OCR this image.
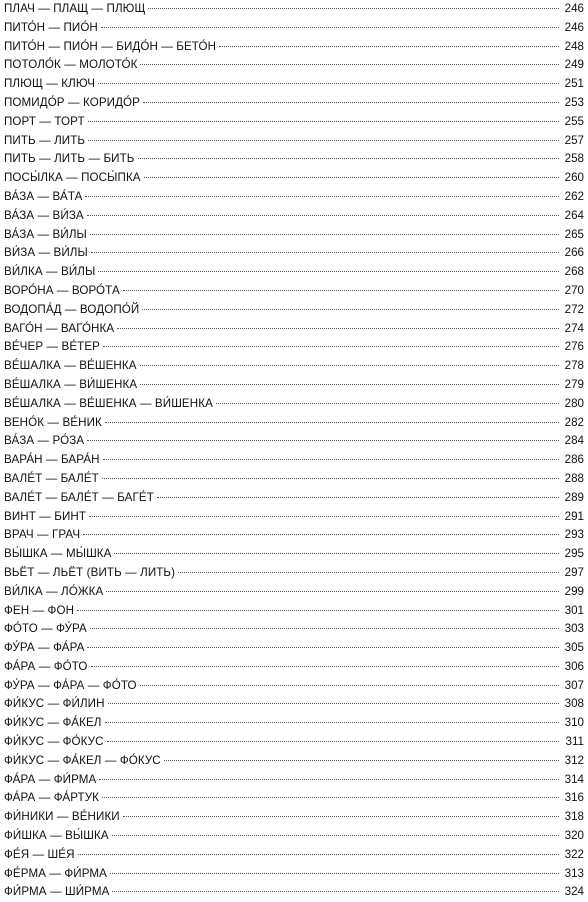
ПЛАЧ — ПЛАЩ — ПЛЮЩ	246
ПИТО́Н — ПИО́Н	246
ПИТО́Н — ПИО́Н — БИДО́Н — БЕТО́Н	248
ПОТОЛО́К — МОЛОТО́К	249
ПЛЮЩ — КЛЮЧ	251
ПОМИДО́Р — КОРИДО́Р	253
ПОРТ — ТОРТ	255
ПИТЬ — ЛИТЬ	257
ПИТЬ — ЛИТЬ — БИТЬ	258
ПОСЫ́ЛКА — ПОСЫ́ПКА	260
ВА́ЗА — ВА́ТА	262
ВА́ЗА — ВИ́ЗА	264
ВА́ЗА — ВИ́ЛЫ	265
ВИ́ЗА — ВИ́ЛЫ	266
ВИ́ЛКА — ВИ́ЛЫ	268
ВОРО́НА — ВОРО́ТА	270
ВОДОПА́Д — ВОДОПО́Й	272
ВАГО́Н — ВАГО́НКА	274
ВЕ́ЧЕР — ВЕ́ТЕР	276
ВЕ́ШАЛКА — ВЕ́ШЕНКА	278
ВЕ́ШАЛКА — ВИ́ШЕНКА	279
ВЕ́ШАЛКА — ВЕ́ШЕНКА — ВИ́ШЕНКА	280
ВЕНО́К — ВЕ́НИК	282
ВА́ЗА — РО́ЗА	284
ВАРА́Н — БАРА́Н	286
ВАЛЕ́Т — БАЛЕ́Т	288
ВАЛЕ́Т — БАЛЕ́Т — БАГЕ́Т	289
ВИНТ — БИНТ	291
ВРАЧ — ГРАЧ	293
ВЫ́ШКА — МЫ́ШКА	295
ВЬЁТ — ЛЬЁТ (ВИТЬ — ЛИТЬ)	297
ВИ́ЛКА — ЛО́ЖКА	299
ФЕН — ФОН	301
ФО́ТО — ФУ́РА	303
ФУ́РА — ФА́РА	305
ФА́РА — ФО́ТО	306
ФУ́РА — ФА́РА — ФО́ТО	307
ФИ́КУС — ФИ́ЛИН	308
ФИ́КУС — ФА́КЕЛ	310
ФИ́КУС — ФО́КУС	311
ФИ́КУС — ФА́КЕЛ — ФО́КУС	312
ФА́РА — ФИ́РМА	314
ФА́РА — ФА́РТУК	316
ФИ́НИКИ — ВЕ́НИКИ	318
ФИ́ШКА — ВЫ́ШКА	320
ФЕ́Я — ШЕ́Я	322
ФЕ́РМА — ФИ́РМА	313
ФИ́РМА — ШИ́РМА	324
